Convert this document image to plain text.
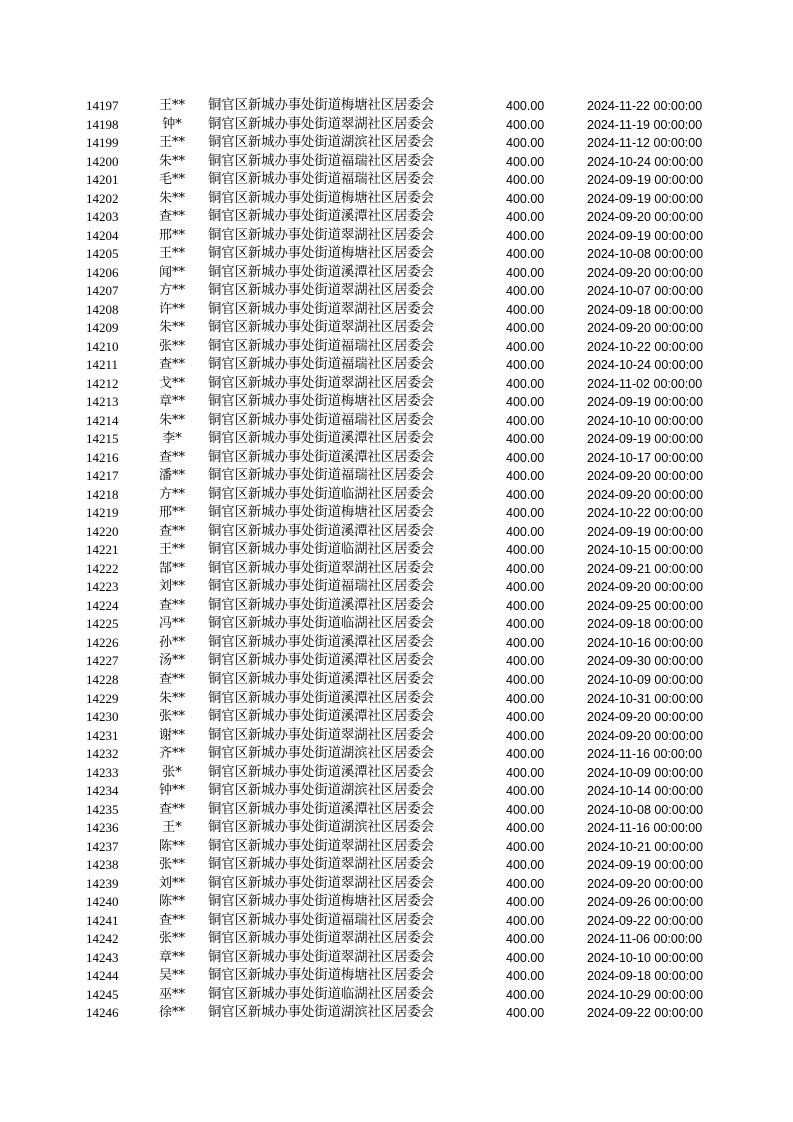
14197	王** 铜官区新城办事处街道梅塘社区居委会	400.00	2024-11-22 00:00:00
14198	钟*	铜官区新城办事处街道翠湖社区居委会	400.00	2024-11-19 00:00:00
14199	王** 铜官区新城办事处街道湖滨社区居委会	400.00	2024-11-12 00:00:00
14200	朱** 铜官区新城办事处街道福瑞社区居委会	400.00	2024-10-24 00:00:00
14201	毛** 铜官区新城办事处街道福瑞社区居委会	400.00	2024-09-19 00:00:00
14202	朱** 铜官区新城办事处街道梅塘社区居委会	400.00	2024-09-19 00:00:00
14203	查** 铜官区新城办事处街道溪潭社区居委会	400.00	2024-09-20 00:00:00
14204	邢** 铜官区新城办事处街道翠湖社区居委会	400.00	2024-09-19 00:00:00
14205	王** 铜官区新城办事处街道梅塘社区居委会	400.00	2024-10-08 00:00:00
14206	闻** 铜官区新城办事处街道溪潭社区居委会	400.00	2024-09-20 00:00:00
14207	方** 铜官区新城办事处街道翠湖社区居委会	400.00	2024-10-07 00:00:00
14208	许** 铜官区新城办事处街道翠湖社区居委会	400.00	2024-09-18 00:00:00
14209	朱** 铜官区新城办事处街道翠湖社区居委会	400.00	2024-09-20 00:00:00
14210	张** 铜官区新城办事处街道福瑞社区居委会	400.00	2024-10-22 00:00:00
14211	查** 铜官区新城办事处街道福瑞社区居委会	400.00	2024-10-24 00:00:00
14212	戈** 铜官区新城办事处街道翠湖社区居委会	400.00	2024-11-02 00:00:00
14213	章** 铜官区新城办事处街道梅塘社区居委会	400.00	2024-09-19 00:00:00
14214	朱** 铜官区新城办事处街道福瑞社区居委会	400.00	2024-10-10 00:00:00
14215	李*	铜官区新城办事处街道溪潭社区居委会	400.00	2024-09-19 00:00:00
14216	查** 铜官区新城办事处街道溪潭社区居委会	400.00	2024-10-17 00:00:00
14217	潘** 铜官区新城办事处街道福瑞社区居委会	400.00	2024-09-20 00:00:00
14218	方** 铜官区新城办事处街道临湖社区居委会	400.00	2024-09-20 00:00:00
14219	邢** 铜官区新城办事处街道梅塘社区居委会	400.00	2024-10-22 00:00:00
14220	查** 铜官区新城办事处街道溪潭社区居委会	400.00	2024-09-19 00:00:00
14221	王** 铜官区新城办事处街道临湖社区居委会	400.00	2024-10-15 00:00:00
14222	郜** 铜官区新城办事处街道翠湖社区居委会	400.00	2024-09-21 00:00:00
14223	刘** 铜官区新城办事处街道福瑞社区居委会	400.00	2024-09-20 00:00:00
14224	查** 铜官区新城办事处街道溪潭社区居委会	400.00	2024-09-25 00:00:00
14225	冯** 铜官区新城办事处街道临湖社区居委会	400.00	2024-09-18 00:00:00
14226	孙** 铜官区新城办事处街道溪潭社区居委会	400.00	2024-10-16 00:00:00
14227	汤** 铜官区新城办事处街道溪潭社区居委会	400.00	2024-09-30 00:00:00
14228	查** 铜官区新城办事处街道溪潭社区居委会	400.00	2024-10-09 00:00:00
14229	朱** 铜官区新城办事处街道溪潭社区居委会	400.00	2024-10-31 00:00:00
14230	张** 铜官区新城办事处街道溪潭社区居委会	400.00	2024-09-20 00:00:00
14231	谢** 铜官区新城办事处街道翠湖社区居委会	400.00	2024-09-20 00:00:00
14232	齐** 铜官区新城办事处街道湖滨社区居委会	400.00	2024-11-16 00:00:00
14233	张*	铜官区新城办事处街道溪潭社区居委会	400.00	2024-10-09 00:00:00
14234	钟** 铜官区新城办事处街道湖滨社区居委会	400.00	2024-10-14 00:00:00
14235	查** 铜官区新城办事处街道溪潭社区居委会	400.00	2024-10-08 00:00:00
14236	王*	铜官区新城办事处街道湖滨社区居委会	400.00	2024-11-16 00:00:00
14237	陈** 铜官区新城办事处街道翠湖社区居委会	400.00	2024-10-21 00:00:00
14238	张** 铜官区新城办事处街道翠湖社区居委会	400.00	2024-09-19 00:00:00
14239	刘** 铜官区新城办事处街道翠湖社区居委会	400.00	2024-09-20 00:00:00
14240	陈** 铜官区新城办事处街道梅塘社区居委会	400.00	2024-09-26 00:00:00
14241	查** 铜官区新城办事处街道福瑞社区居委会	400.00	2024-09-22 00:00:00
14242	张** 铜官区新城办事处街道翠湖社区居委会	400.00	2024-11-06 00:00:00
14243	章** 铜官区新城办事处街道翠湖社区居委会	400.00	2024-10-10 00:00:00
14244	吴** 铜官区新城办事处街道梅塘社区居委会	400.00	2024-09-18 00:00:00
14245	巫** 铜官区新城办事处街道临湖社区居委会	400.00	2024-10-29 00:00:00
14246	徐** 铜官区新城办事处街道湖滨社区居委会	400.00	2024-09-22 00:00:00
